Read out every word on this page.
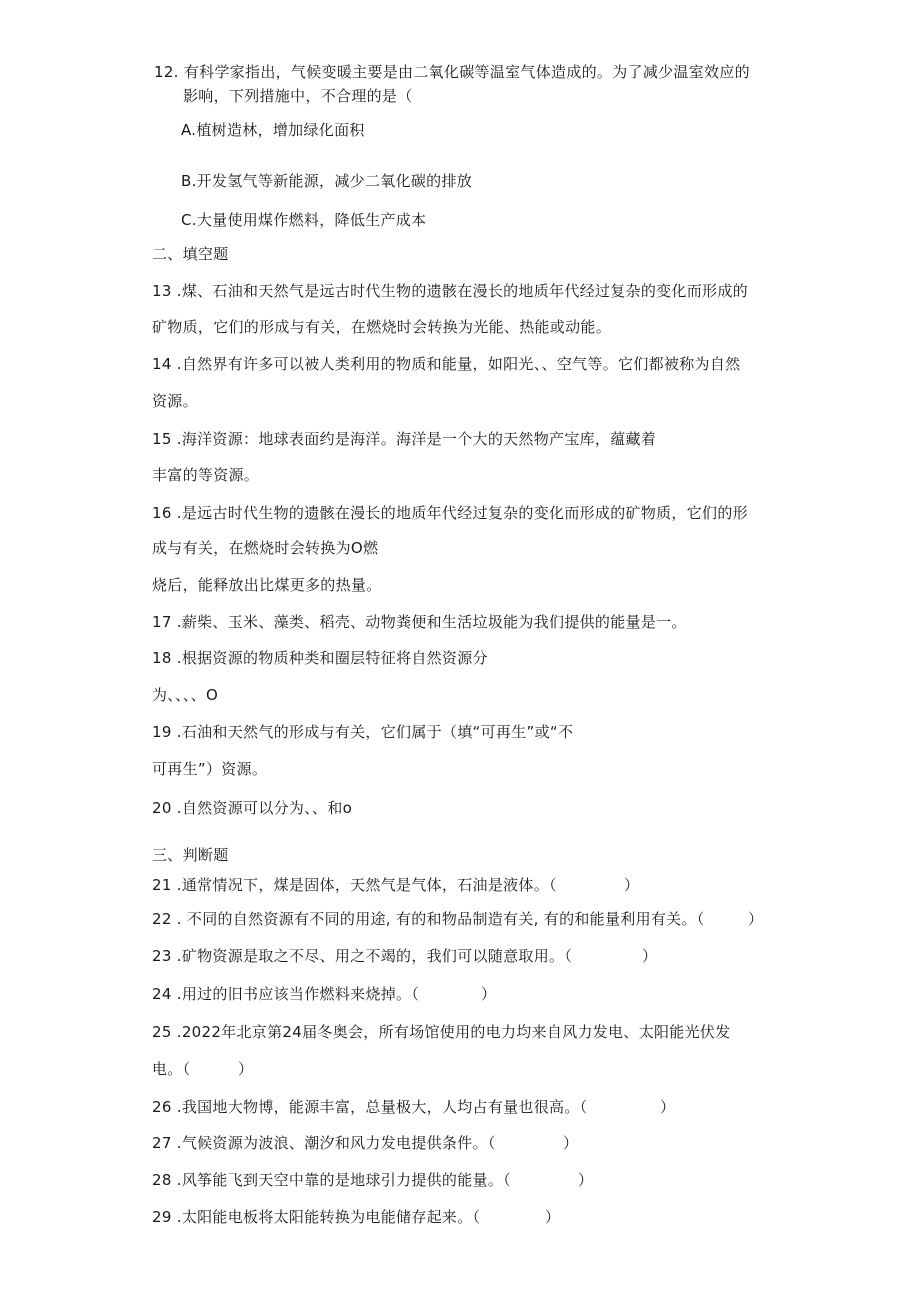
12. 有科学家指出，气候变暖主要是由二氧化碳等温室气体造成的。为了减少温室效应的
影响，下列措施中，不合理的是（
A.植树造林，增加绿化面积
B.开发氢气等新能源，减少二氧化碳的排放
C.大量使用煤作燃料，降低生产成本
二、填空题
13 .煤、石油和天然气是远古时代生物的遗骸在漫长的地质年代经过复杂的变化而形成的
矿物质，它们的形成与有关，在燃烧时会转换为光能、热能或动能。
14 .自然界有许多可以被人类利用的物质和能量，如阳光、、空气等。它们都被称为自然
资源。
15 .海洋资源：地球表面约是海洋。海洋是一个大的天然物产宝库，蕴藏着
丰富的等资源。
16 .是远古时代生物的遗骸在漫长的地质年代经过复杂的变化而形成的矿物质，它们的形
成与有关，在燃烧时会转换为O燃
烧后，能释放出比煤更多的热量。
17 .薪柴、玉米、藻类、稻壳、动物粪便和生活垃圾能为我们提供的能量是一。
18 .根据资源的物质种类和圈层特征将自然资源分
为、、、、O
19 .石油和天然气的形成与有关，它们属于（填“可再生”或“不
可再生”）资源。
20 .自然资源可以分为、、和o
三、判断题
21 .通常情况下，煤是固体，天然气是气体，石油是液体。（	）
22 . 不同的自然资源有不同的用途, 有的和物品制造有关, 有的和能量利用有关。（	）
23 .矿物资源是取之不尽、用之不竭的，我们可以随意取用。（	）
24 .用过的旧书应该当作燃料来烧掉。（	）
25 .2022年北京第24届冬奥会，所有场馆使用的电力均来自风力发电、太阳能光伏发
电。（	）
26 .我国地大物博，能源丰富，总量极大，人均占有量也很高。（	）
27 .气候资源为波浪、潮汐和风力发电提供条件。（	）
28 .风筝能飞到天空中靠的是地球引力提供的能量。（	）
29 .太阳能电板将太阳能转换为电能储存起来。（	）
